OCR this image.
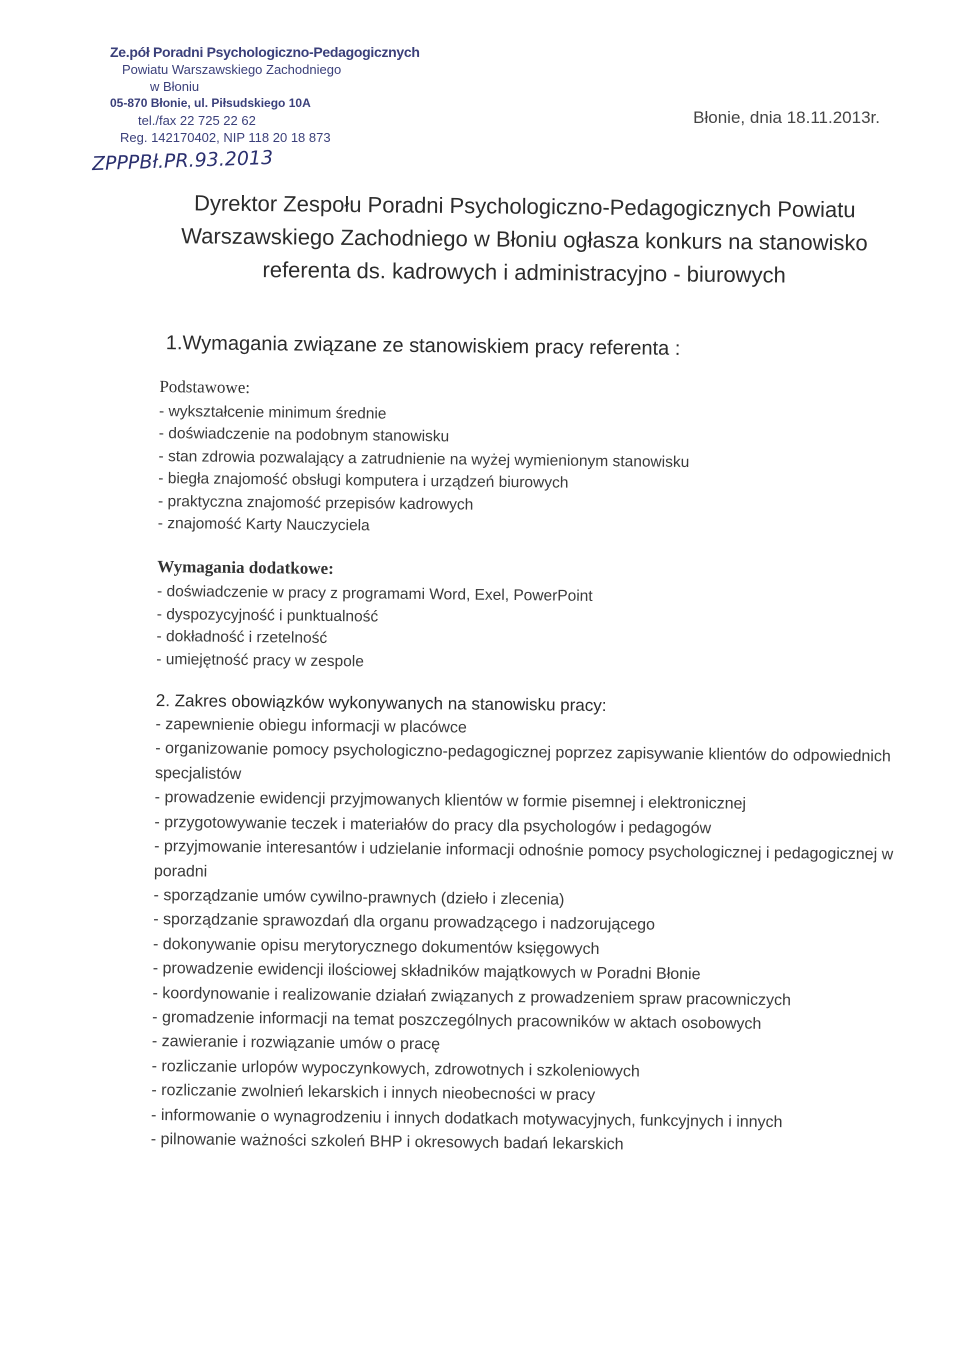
Ze.pół Poradni Psychologiczno-Pedagogicznych
Powiatu Warszawskiego Zachodniego
w Błoniu
05-870 Błonie, ul. Piłsudskiego 10A
tel./fax 22 725 22 62
Reg. 142170402, NIP 118 20 18 873
ZPPPBł.PR.93.2013
Błonie, dnia 18.11.2013r.
Dyrektor Zespołu Poradni Psychologiczno-Pedagogicznych Powiatu Warszawskiego Zachodniego w Błoniu ogłasza konkurs na stanowisko referenta ds. kadrowych i administracyjno - biurowych
1.Wymagania związane ze stanowiskiem pracy referenta :
Podstawowe:
- wykształcenie minimum średnie
- doświadczenie na podobnym stanowisku
- stan zdrowia pozwalający a zatrudnienie na wyżej wymienionym stanowisku
- biegła znajomość obsługi komputera i urządzeń biurowych
- praktyczna znajomość przepisów kadrowych
- znajomość Karty Nauczyciela
Wymagania dodatkowe:
- doświadczenie w pracy z programami Word, Exel, PowerPoint
- dyspozycyjność i punktualność
- dokładność i rzetelność
- umiejętność pracy w zespole
2. Zakres obowiązków wykonywanych na stanowisku pracy:
- zapewnienie obiegu informacji w placówce
- organizowanie pomocy psychologiczno-pedagogicznej poprzez zapisywanie klientów do odpowiednich specjalistów
- prowadzenie ewidencji przyjmowanych klientów w formie pisemnej i elektronicznej
- przygotowywanie teczek i materiałów do pracy dla psychologów i pedagogów
- przyjmowanie interesantów i udzielanie informacji odnośnie pomocy psychologicznej i pedagogicznej w poradni
- sporządzanie umów cywilno-prawnych (dzieło i zlecenia)
- sporządzanie sprawozdań dla organu prowadzącego i nadzorującego
- dokonywanie opisu merytorycznego dokumentów księgowych
- prowadzenie ewidencji ilościowej składników majątkowych w Poradni Błonie
- koordynowanie i realizowanie działań związanych z prowadzeniem spraw pracowniczych
- gromadzenie informacji na temat poszczególnych pracowników w aktach osobowych
- zawieranie i rozwiązanie umów o pracę
- rozliczanie urlopów wypoczynkowych, zdrowotnych i szkoleniowych
- rozliczanie zwolnień lekarskich i innych nieobecności w pracy
- informowanie o wynagrodzeniu i innych dodatkach motywacyjnych, funkcyjnych i innych
- pilnowanie ważności szkoleń BHP i okresowych badań lekarskich
